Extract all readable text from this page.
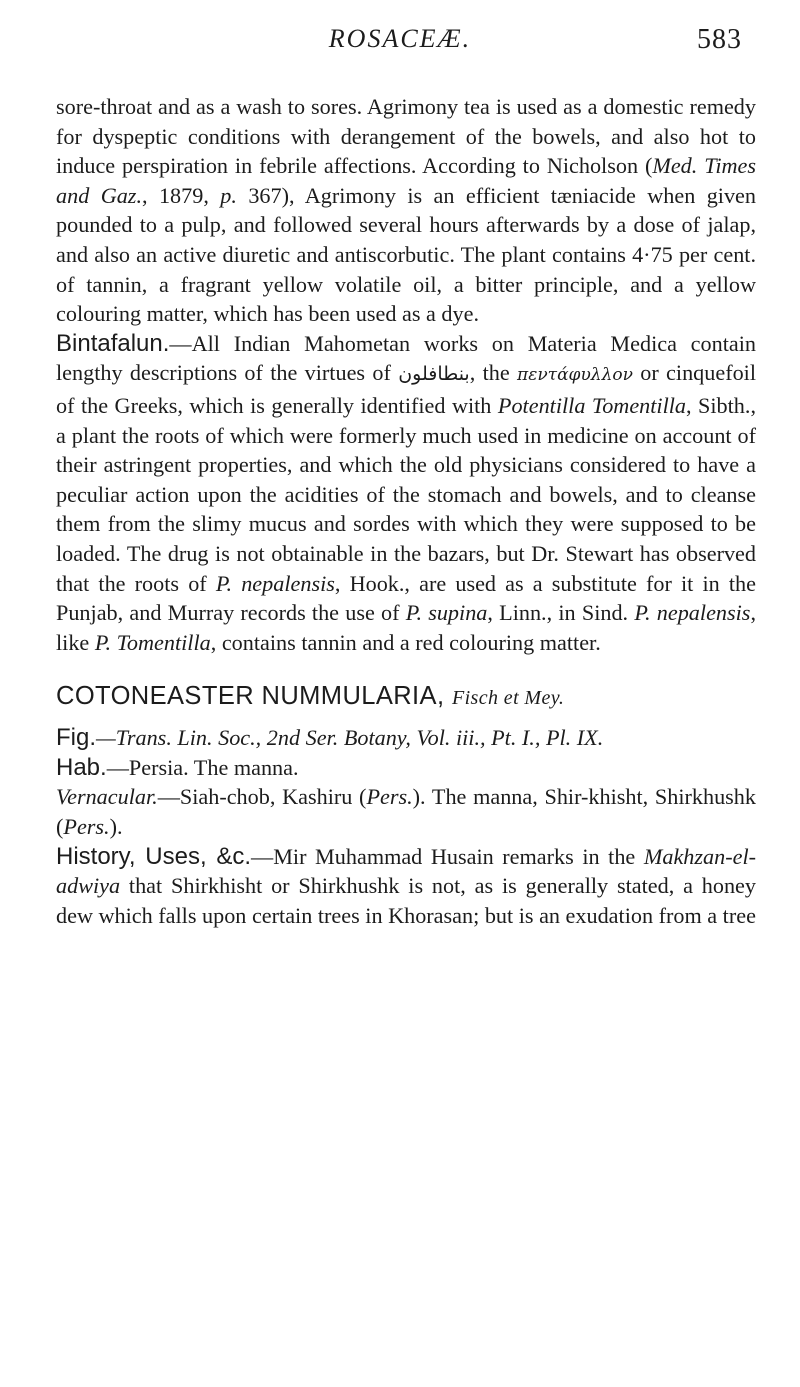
ROSACEÆ.	583

sore-throat and as a wash to sores. Agrimony tea is used as a domestic remedy for dyspeptic conditions with derangement of the bowels, and also hot to induce perspiration in febrile affections. According to Nicholson (Med. Times and Gaz., 1879, p. 367), Agrimony is an efficient tæniacide when given pounded to a pulp, and followed several hours afterwards by a dose of jalap, and also an active diuretic and antiscorbutic. The plant contains 4·75 per cent. of tannin, a fragrant yellow volatile oil, a bitter principle, and a yellow colouring matter, which has been used as a dye.

Bintafalun.—All Indian Mahometan works on Materia Medica contain lengthy descriptions of the virtues of بنطافلون, the πεντάφυλλον or cinquefoil of the Greeks, which is generally identified with Potentilla Tomentilla, Sibth., a plant the roots of which were formerly much used in medicine on account of their astringent properties, and which the old physicians considered to have a peculiar action upon the acidities of the stomach and bowels, and to cleanse them from the slimy mucus and sordes with which they were supposed to be loaded. The drug is not obtainable in the bazars, but Dr. Stewart has observed that the roots of P. nepalensis, Hook., are used as a substitute for it in the Punjab, and Murray records the use of P. supina, Linn., in Sind. P. nepalensis, like P. Tomentilla, contains tannin and a red colouring matter.

COTONEASTER NUMMULARIA, Fisch et Mey.

Fig.—Trans. Lin. Soc., 2nd Ser. Botany, Vol. iii., Pt. I., Pl. IX.

Hab.—Persia. The manna.

Vernacular.—Siah-chob, Kashiru (Pers.). The manna, Shir-khisht, Shirkhushk (Pers.).

History, Uses, &c.—Mir Muhammad Husain remarks in the Makhzan-el-adwiya that Shirkhisht or Shirkhushk is not, as is generally stated, a honey dew which falls upon certain trees in Khorasan; but is an exudation from a tree
